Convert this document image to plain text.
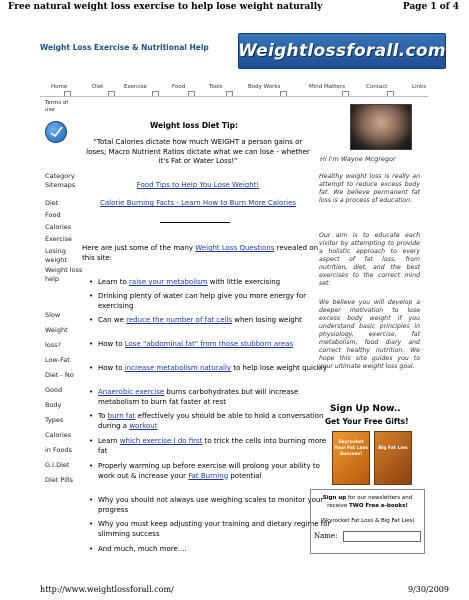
Free natural weight loss exercise to help lose weight naturally	Page 1 of 4
Weight Loss Exercise & Nutritional Help Weightlossforall.com
Home	Diet	Exercise	Food	Tools	Body Works	Mind Matters	Contact	Links
Terms of use
Category Sitemaps
Diet
Food
Calories
Exercise
Losing weight
Weight loss help
Slow
Weight
loss?
Low-Fat
Diet - No
Good
Body
Types
Calories
in Foods
G.I.Diet
Diet Pills
Weight loss Diet Tip:
"Total Calories dictate how much WEIGHT a person gains or loses; Macro Nutrient Ratios dictate what we can lose - whether it's Fat or Water Loss!"
Food Tips to Help You Lose Weight!
Calorie Burning Facts - Learn How to Burn More Calories
Here are just some of the many Weight Loss Questions revealed on this site:
• Learn to raise your metabolism with little exercising
• Drinking plenty of water can help give you more energy for exercising
• Can we reduce the number of fat cells when losing weight
• How to Lose "abdominal fat" from those stubborn areas
• How to increase metabolism naturally to help lose weight quickly
• Anaerobic exercise burns carbohydrates but will increase metabolism to burn fat faster at rest
• To burn fat effectively you should be able to hold a conversation during a workout
• Learn which exercise I do first to trick the cells into burning more fat
• Properly warming up before exercise will prolong your ability to work out & increase your Fat Burning potential
• Why you should not always use weighing scales to monitor your progress
• Why you must keep adjusting your training and dietary regime for slimming success
• And much, much more....
Hi I'm Wayne Mcgregor
Healthy weight loss is really an attempt to reduce excess body fat. We believe permanent fat loss is a process of education.
Our aim is to educate each visitor by attempting to provide a holistic approach to every aspect of fat loss, from nutrition, diet, and the best exercises to the correct mind set.
We believe you will develop a deeper motivation to lose excess body weight if you understand basic principles in physiology, exercise, fat metabolism, food diary and correct healthy nutrition. We hope this site guides you to your ultimate weight loss goal.
Sign Up Now..
Get Your Free Gifts!
Skyrocket Your Fat Loss Success!
Big Fat Lies
Sign up for our newsletters and receive TWO Free e-books!
(Skyrocket Fat Loss & Big Fat Lies)
Name:
http://www.weightlossforall.com/	9/30/2009
